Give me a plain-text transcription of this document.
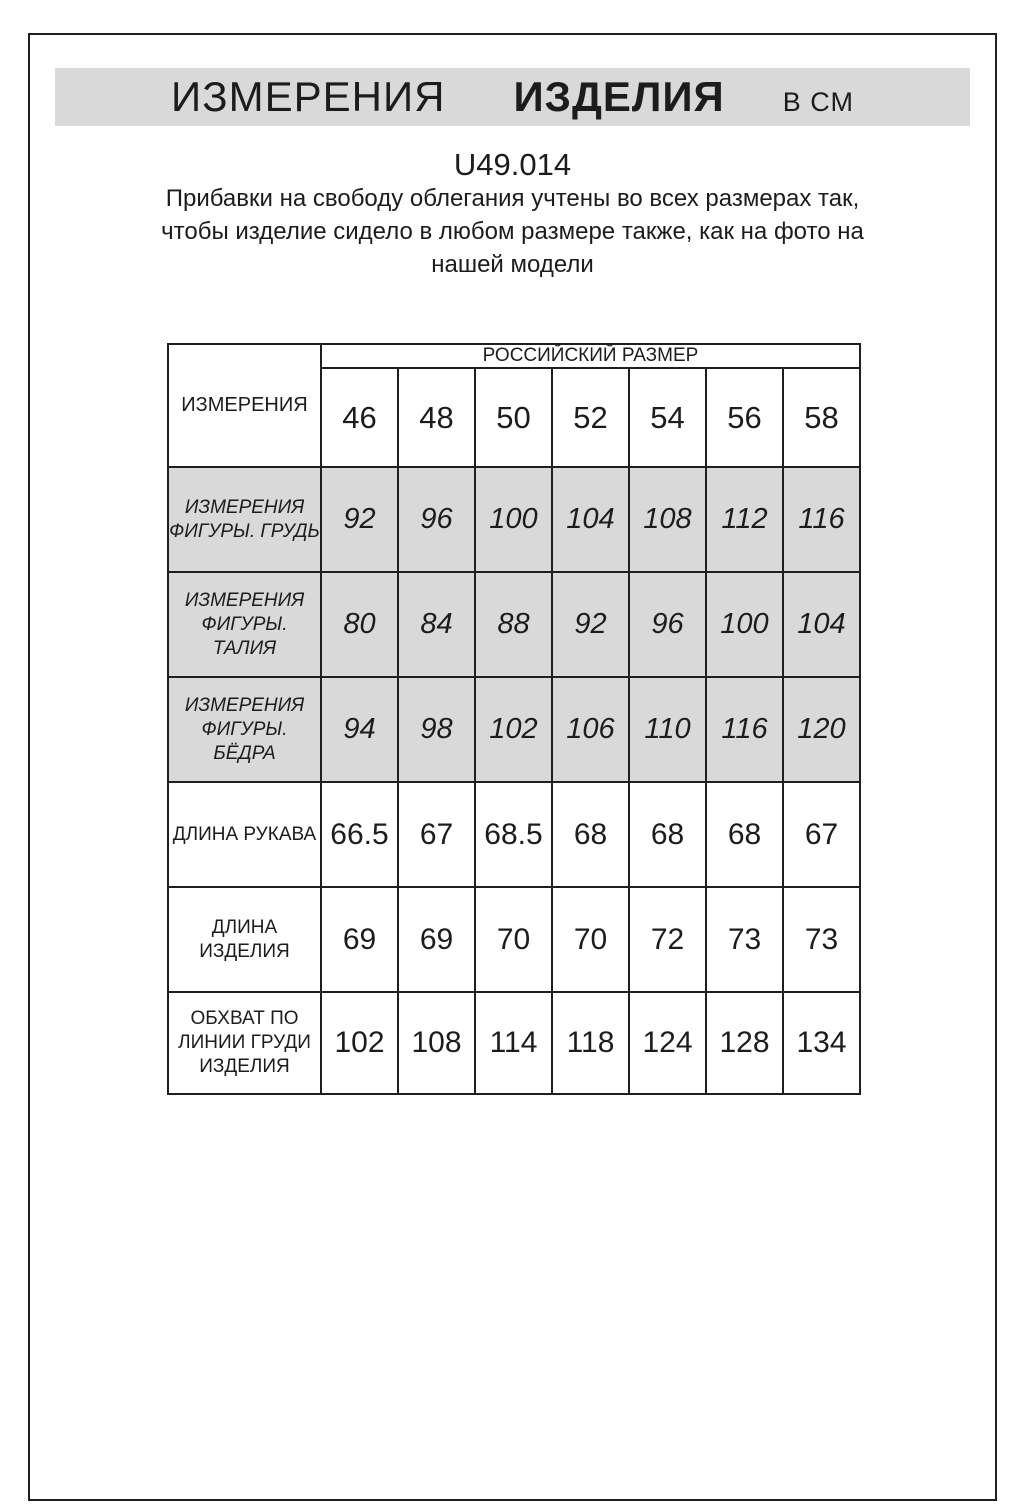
ИЗМЕРЕНИЯ ИЗДЕЛИЯ В СМ
U49.014
Прибавки на свободу облегания учтены во всех размерах так,
чтобы изделие сидело в любом размере также, как на фото на
нашей модели
ИЗМЕРЕНИЯ	РОССИЙСКИЙ РАЗМЕР						
	46	48	50	52	54	56	58
ИЗМЕРЕНИЯ ФИГУРЫ. ГРУДЬ	92	96	100	104	108	112	116
ИЗМЕРЕНИЯ ФИГУРЫ. ТАЛИЯ	80	84	88	92	96	100	104
ИЗМЕРЕНИЯ ФИГУРЫ. БЁДРА	94	98	102	106	110	116	120
ДЛИНА РУКАВА	66.5	67	68.5	68	68	68	67
ДЛИНА ИЗДЕЛИЯ	69	69	70	70	72	73	73
ОБХВАТ ПО ЛИНИИ ГРУДИ ИЗДЕЛИЯ	102	108	114	118	124	128	134
